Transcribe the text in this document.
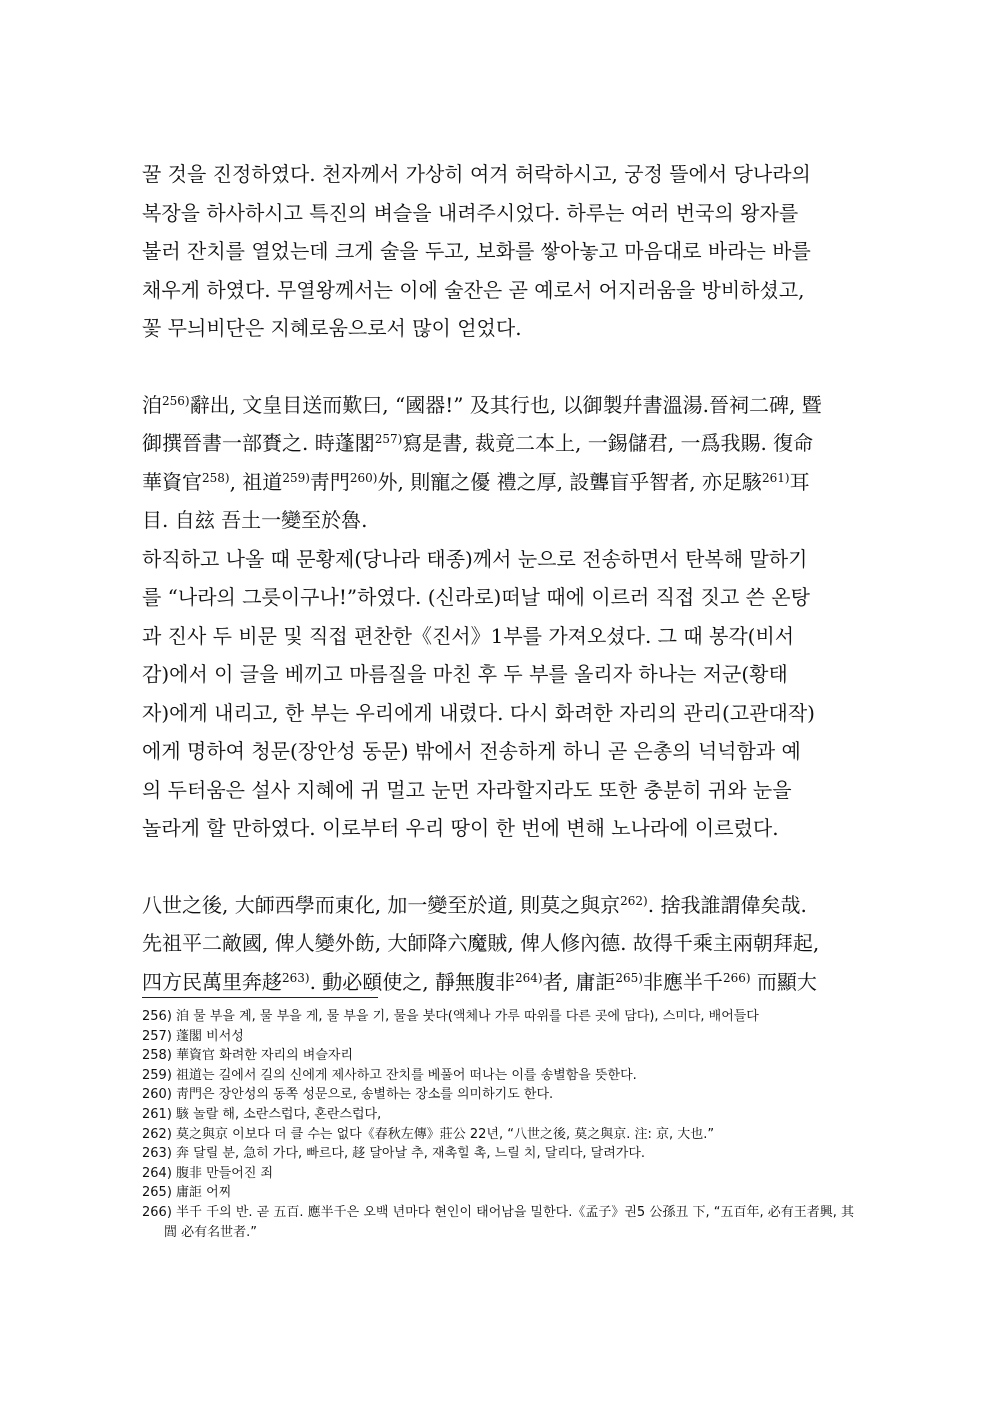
꿀 것을 진정하였다. 천자께서 가상히 여겨 허락하시고, 궁정 뜰에서 당나라의
복장을 하사하시고 특진의 벼슬을 내려주시었다. 하루는 여러 번국의 왕자를
불러 잔치를 열었는데 크게 술을 두고, 보화를 쌓아놓고 마음대로 바라는 바를
채우게 하였다. 무열왕께서는 이에 술잔은 곧 예로서 어지러움을 방비하셨고,
꽃 무늬비단은 지혜로움으로서 많이 얻었다.

洎$^{256)}$辭出, 文皇目送而歎曰, “國器!” 及其行也, 以御製幷書溫湯.晉祠二碑, 暨
御撰晉書一部賚之. 時蓬閣$^{257)}$寫是書, 裁竟二本上, 一錫儲君, 一爲我賜. 復命
華資官$^{258)}$, 祖道$^{259)}$靑門$^{260)}$外, 則寵之優 禮之厚, 設聾盲乎智者, 亦足駭$^{261)}$耳
目. 自玆 吾土一變至於魯.

하직하고 나올 때 문황제(당나라 태종)께서 눈으로 전송하면서 탄복해 말하기
를 “나라의 그릇이구나!”하였다. (신라로)떠날 때에 이르러 직접 짓고 쓴 온탕
과 진사 두 비문 및 직접 편찬한《진서》1부를 가져오셨다. 그 때 봉각(비서
감)에서 이 글을 베끼고 마름질을 마친 후 두 부를 올리자 하나는 저군(황태
자)에게 내리고, 한 부는 우리에게 내렸다. 다시 화려한 자리의 관리(고관대작)
에게 명하여 청문(장안성 동문) 밖에서 전송하게 하니 곧 은총의 넉넉함과 예
의 두터움은 설사 지혜에 귀 멀고 눈먼 자라할지라도 또한 충분히 귀와 눈을
놀라게 할 만하였다. 이로부터 우리 땅이 한 번에 변해 노나라에 이르렀다.

八世之後, 大師西學而東化, 加一變至於道, 則莫之與京$^{262)}$. 捨我誰謂偉矣哉.
先祖平二敵國, 俾人變外飭, 大師降六魔賊, 俾人修內德. 故得千乘主兩朝拜起,
四方民萬里奔趍$^{263)}$. 動必頤使之, 靜無腹非$^{264)}$者, 庸詎$^{265)}$非應半千$^{266)}$ 而顯大

256) 洎 물 부을 계, 물 부을 게, 물 부을 기, 물을 붓다(액체나 가루 따위를 다른 곳에 담다), 스미다, 배어들다
257) 蓬閣 비서성
258) 華資官 화려한 자리의 벼슬자리
259) 祖道는 길에서 길의 신에게 제사하고 잔치를 베풀어 떠나는 이를 송별함을 뜻한다.
260) 靑門은 장안성의 동쪽 성문으로, 송별하는 장소를 의미하기도 한다.
261) 駭 놀랄 해, 소란스럽다, 혼란스럽다,
262) 莫之與京 이보다 더 클 수는 없다《春秋左傳》莊公 22년, “八世之後, 莫之與京. 注: 京, 大也.”
263) 奔 달릴 분, 急히 가다, 빠르다, 趍 달아날 추, 재촉힐 촉, 느릴 치, 달리다, 달려가다.
264) 腹非 만들어진 죄
265) 庸詎 어찌
266) 半千 千의 반. 곧 五百. 應半千은 오백 년마다 현인이 태어남을 밀한다.《孟子》권5 公孫丑 下, “五百年, 必有王者興, 其閭 必有名世者.”
